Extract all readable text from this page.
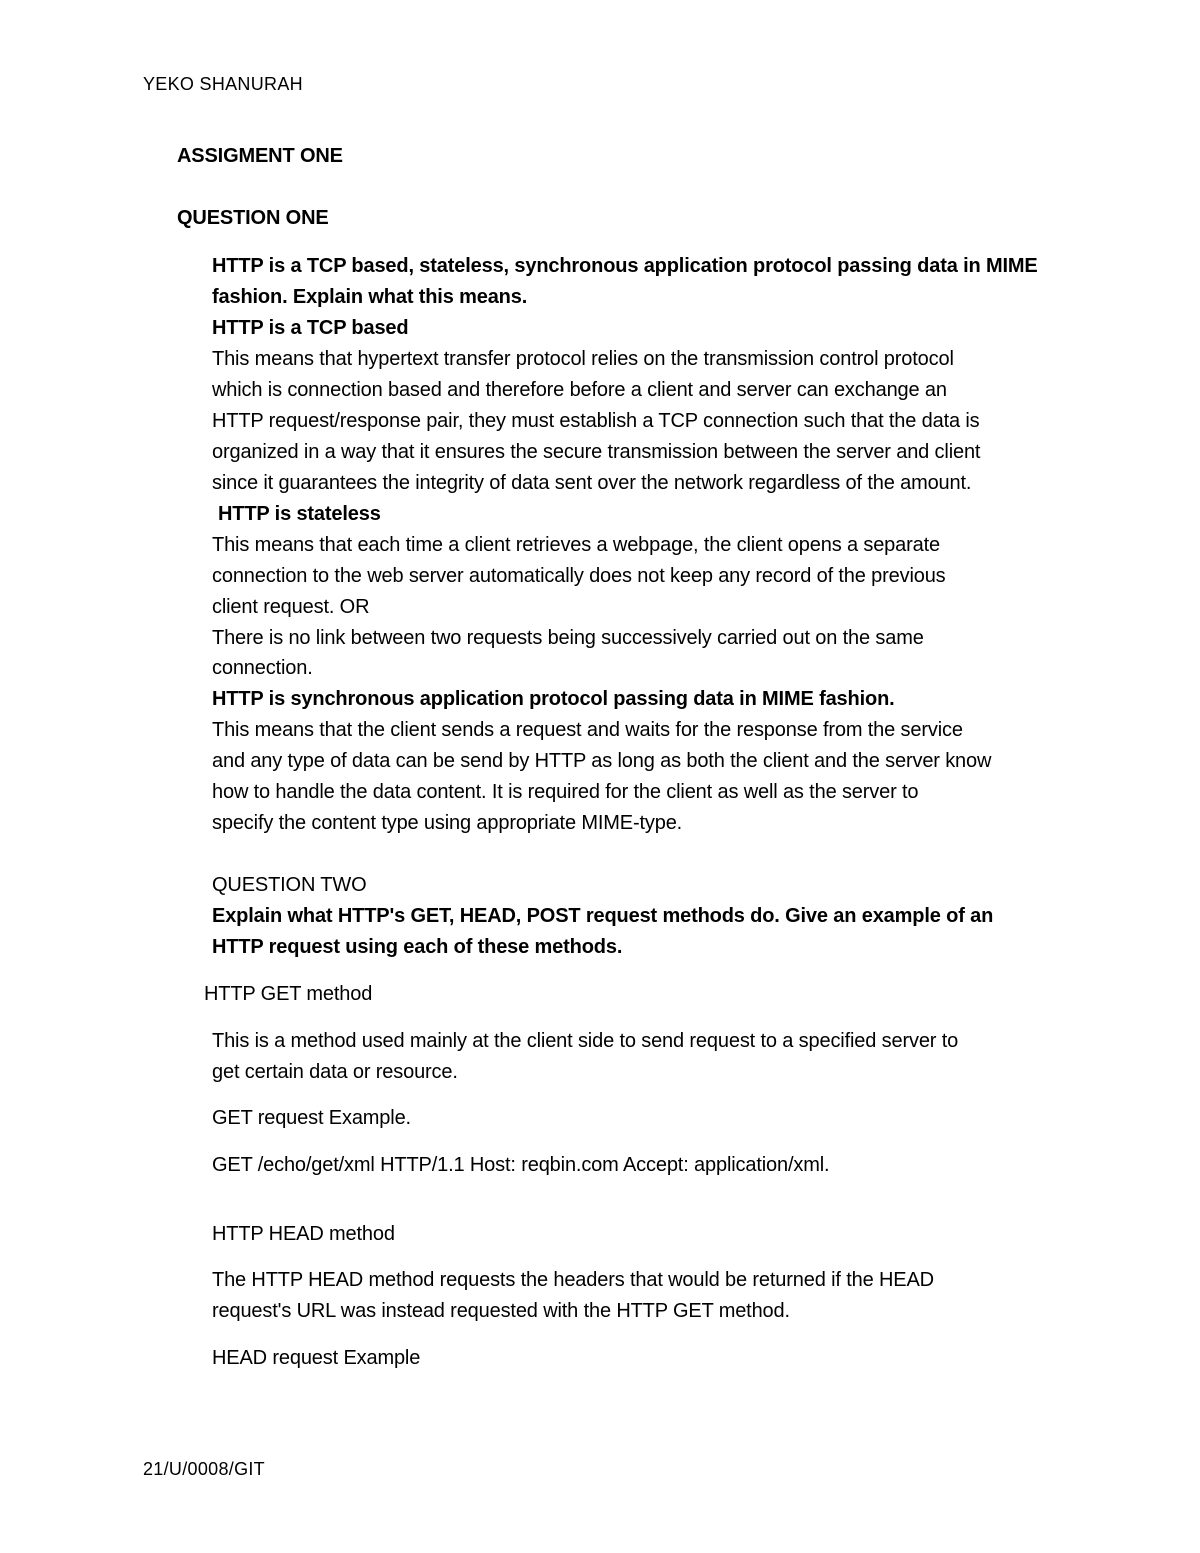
YEKO SHANURAH
ASSIGMENT ONE
QUESTION ONE
HTTP is a TCP based, stateless, synchronous application protocol passing data in MIME
fashion. Explain what this means.
HTTP is a TCP based
This means that hypertext transfer protocol relies on the transmission control protocol
which is connection based and therefore before a client and server can exchange an
HTTP request/response pair, they must establish a TCP connection such that the data is
organized in a way that it ensures the secure transmission between the server and client
since it guarantees the integrity of data sent over the network regardless of the amount.
HTTP is stateless
This means that each time a client retrieves a webpage, the client opens a separate
connection to the web server automatically does not keep any record of the previous
client request. OR
There is no link between two requests being successively carried out on the same
connection.
HTTP is synchronous application protocol passing data in MIME fashion.
This means that the client sends a request and waits for the response from the service
and any type of data can be send by HTTP as long as both the client and the server know
how to handle the data content. It is required for the client as well as the server to
specify the content type using appropriate MIME-type.
QUESTION TWO
Explain what HTTP's GET, HEAD, POST request methods do. Give an example of an
HTTP request using each of these methods.
HTTP GET method
This is a method used mainly at the client side to send request to a specified server to
get certain data or resource.
GET request Example.
GET /echo/get/xml HTTP/1.1 Host: reqbin.com Accept: application/xml.
HTTP HEAD method
The HTTP HEAD method requests the headers that would be returned if the HEAD
request's URL was instead requested with the HTTP GET method.
HEAD request Example
21/U/0008/GIT
